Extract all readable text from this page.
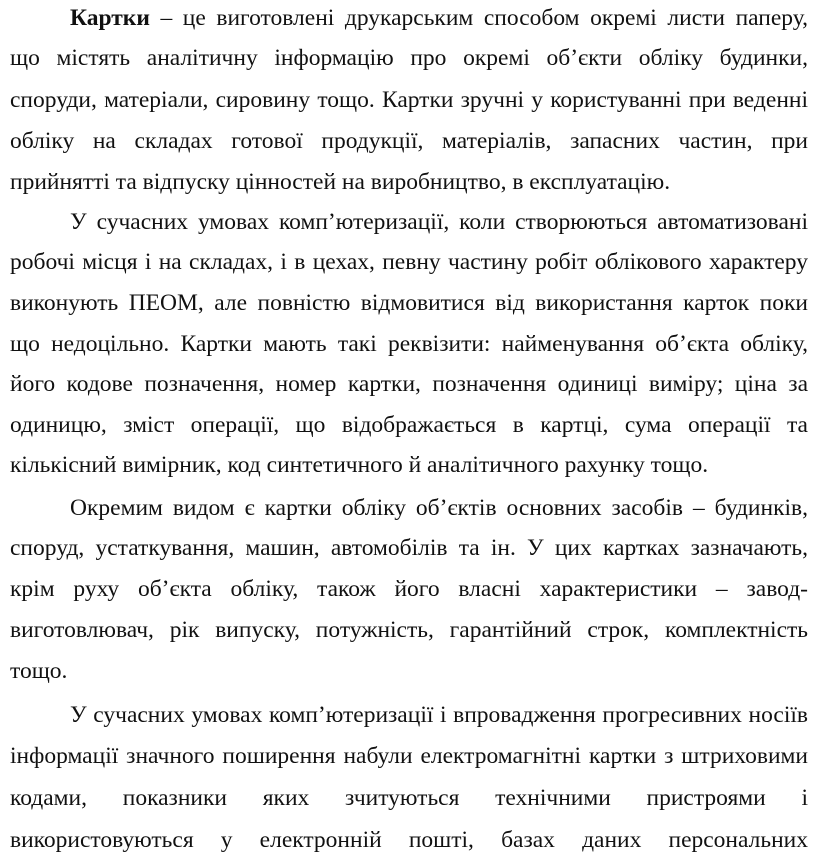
Картки – це виготовлені друкарським способом окремі листи паперу,
що містять аналітичну інформацію про окремі об’єкти обліку будинки,
споруди, матеріали, сировину тощо. Картки зручні у користуванні при веденні
обліку на складах готової продукції, матеріалів, запасних частин, при
прийнятті та відпуску цінностей на виробництво, в експлуатацію.
У сучасних умовах комп’ютеризації, коли створюються автоматизовані
робочі місця і на складах, і в цехах, певну частину робіт облікового характеру
виконують ПЕОМ, але повністю відмовитися від використання карток поки
що недоцільно. Картки мають такі реквізити: найменування об’єкта обліку,
його кодове позначення, номер картки, позначення одиниці виміру; ціна за
одиницю, зміст операції, що відображається в картці, сума операції та
кількісний вимірник, код синтетичного й аналітичного рахунку тощо.
Окремим видом є картки обліку об’єктів основних засобів – будинків,
споруд, устаткування, машин, автомобілів та ін. У цих картках зазначають,
крім руху об’єкта обліку, також його власні характеристики – завод-
виготовлювач, рік випуску, потужність, гарантійний строк, комплектність
тощо.
У сучасних умовах комп’ютеризації і впровадження прогресивних носіїв
інформації значного поширення набули електромагнітні картки з штриховими
кодами, показники яких зчитуються технічними пристроями і
використовуються у електронній пошті, базах даних персональних
